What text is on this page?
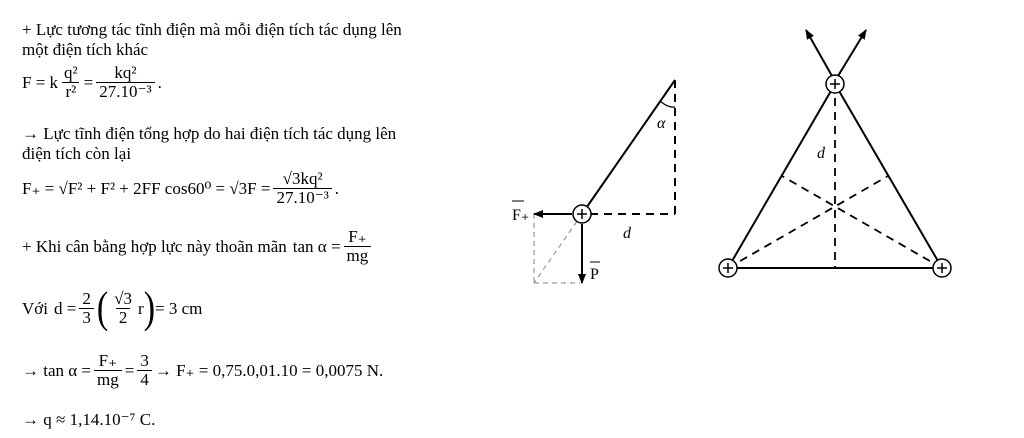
+ Lực tương tác tĩnh điện mà mỗi điện tích tác dụng lên
một điện tích khác
F = k $\frac{\text{q²}}{\text{r²}} = \frac{\text{kq²}}{\text{27.10⁻³}}$ .
→ Lực tĩnh điện tổng hợp do hai điện tích tác dụng lên
điện tích còn lại
F₊ = √F² + F² + 2FF $\cos 60^0 = √3F = \frac{\text{√3kq²}}{\text{27.10⁻³}}$ .
+ Khi cân bằng hợp lực này thoãn mãn $\tan \alpha = \frac{F_+}{mg}$
Với $d = \frac{2}{3}$ ( $\frac{√3}{2}$ r ) = 3 cm
→ $\tan \alpha = \frac{F_+}{mg} = \frac{3}{4} \to F_+ = 0,75.0,01.10 = 0,0075$ N.
→ q ≈ 1,14.10⁻⁷ C.
α
d
F₊
P
d
